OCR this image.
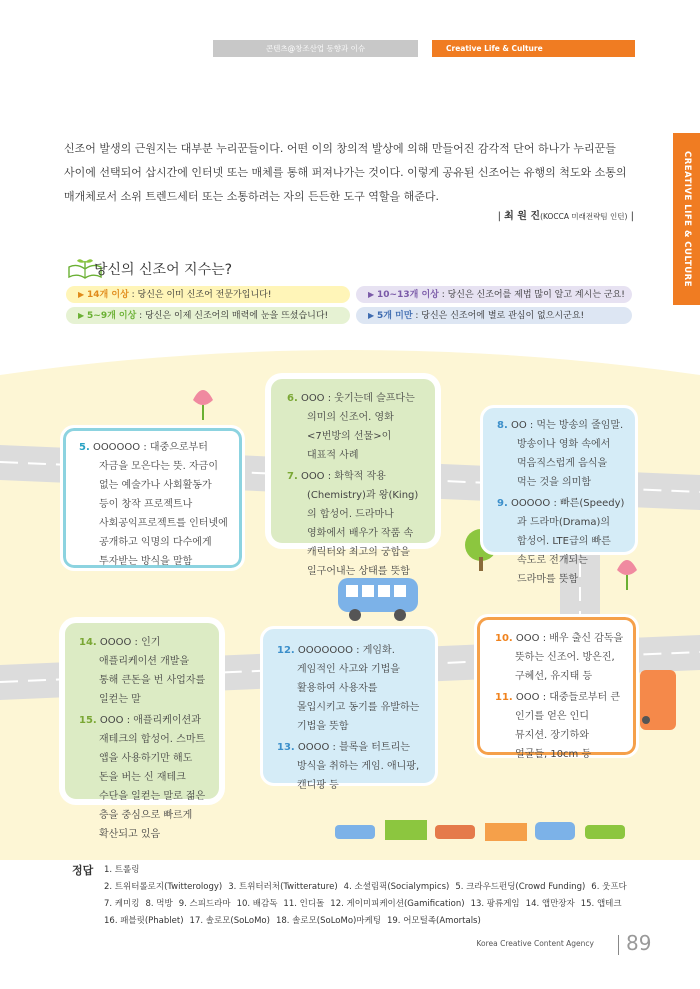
콘텐츠@창조산업 동향과 이슈	Creative Life & Culture
CREATIVE LIFE & CULTURE
신조어 발생의 근원지는 대부분 누리꾼들이다. 어떤 이의 창의적 발상에 의해 만들어진 감각적 단어 하나가 누리꾼들 사이에 선택되어 삽시간에 인터넷 또는 매체를 통해 퍼져나가는 것이다. 이렇게 공유된 신조어는 유행의 척도와 소통의 매개체로서 소위 트렌드세터 또는 소통하려는 자의 든든한 도구 역할을 해준다.
| 최 원 진(KOCCA 미래전략팀 인턴) |
당신의 신조어 지수는?
▶ 14개 이상 : 당신은 이미 신조어 전문가입니다!	▶ 10~13개 이상 : 당신은 신조어를 제법 많이 알고 계시는 군요!
▶ 5~9개 이상 : 당신은 이제 신조어의 매력에 눈을 뜨셨습니다!	▶ 5개 미만 : 당신은 신조어에 별로 관심이 없으시군요!

5. OOOOOO : 대중으로부터 자금을 모은다는 뜻. 자금이 없는 예술가나 사회활동가 등이 창작 프로젝트나 사회공익프로젝트를 인터넷에 공개하고 익명의 다수에게 투자받는 방식을 말함

6. OOO : 웃기는데 슬프다는 의미의 신조어. 영화 <7번방의 선물>이 대표적 사례

7. OOO : 화학적 작용(Chemistry)과 왕(King)의 합성어. 드라마나 영화에서 배우가 작품 속 캐릭터와 최고의 궁합을 일구어내는 상태를 뜻함

8. OO : 먹는 방송의 줄임말. 방송이나 영화 속에서 먹음직스럽게 음식을 먹는 것을 의미함

9. OOOOO : 빠른(Speedy)과 드라마(Drama)의 합성어. LTE급의 빠른 속도로 전개되는 드라마를 뜻함

14. OOOO : 인기 애플리케이션 개발을 통해 큰돈을 번 사업자를 일컫는 말

15. OOO : 애플리케이션과 재테크의 합성어. 스마트 앱을 사용하기만 해도 돈을 버는 신 재테크 수단을 일컫는 말로 젊은 층을 중심으로 빠르게 확산되고 있음

12. OOOOOOO : 게임화. 게임적인 사고와 기법을 활용하여 사용자를 몰입시키고 동기를 유발하는 기법을 뜻함

13. OOOO : 블록을 터트리는 방식을 취하는 게임. 애니팡, 캔디팡 등

10. OOO : 배우 출신 감독을 뜻하는 신조어. 방은진, 구혜선, 유지태 등

11. OOO : 대중들로부터 큰 인기를 얻은 인디 뮤지션. 장기하와 얼굴들, 10cm 등

정답 1. 트롤링2. 트위터롤로지(Twitterology) 3. 트위터러처(Twitterature) 4. 소셜림픽(Socialympics) 5. 크라우드펀딩(Crowd Funding) 6. 웃프다
7. 케미킹 8. 먹방 9. 스피드라마 10. 배감독 11. 인디돌 12. 게이미피케이션(Gamification) 13. 팡류게임 14. 앱만장자 15. 앱테크
16. 패블릿(Phablet) 17. 솔로모(SoLoMo) 18. 솔로모(SoLoMo)마케팅 19. 어모털족(Amortals)
Korea Creative Content Agency 89
